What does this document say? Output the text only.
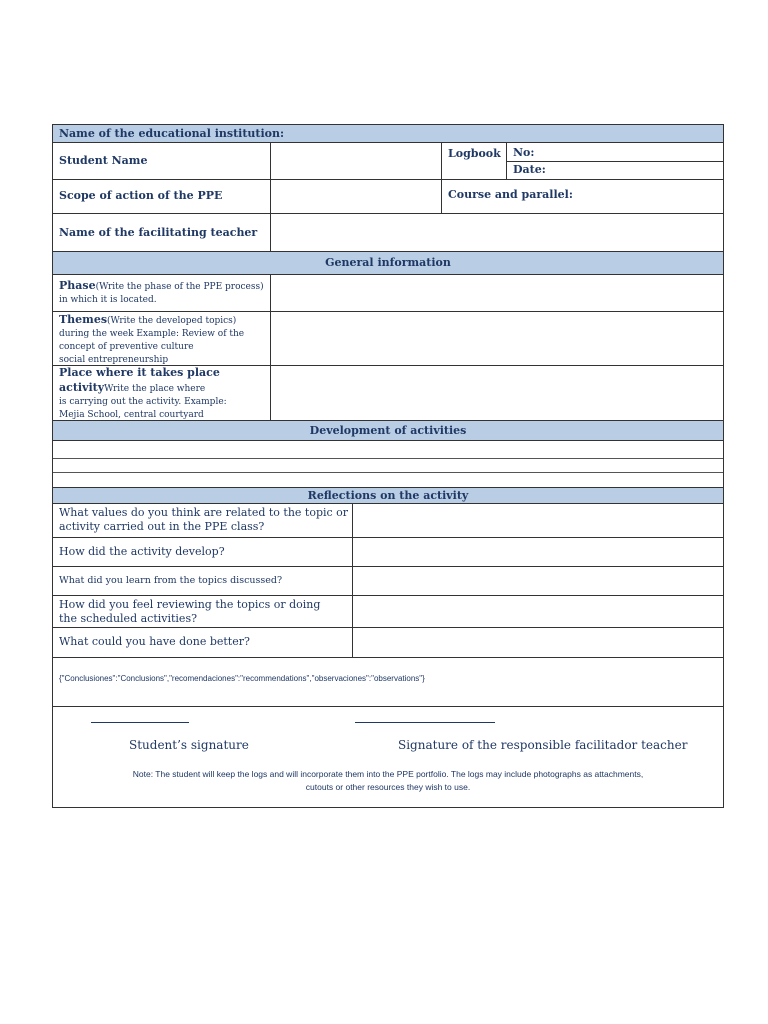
Name of the educational institution:
Student Name
Logbook No:
Date:
Scope of action of the PPE	Course and parallel:
Name of the facilitating teacher
General information
Phase(Write the phase of the PPE process)
in which it is located.
Themes(Write the developed topics)
during the week Example: Review of the
concept of preventive culture
social entrepreneurship
Place where it takes place
activityWrite the place where
is carrying out the activity. Example:
Mejia School, central courtyard
Development of activities
Reflections on the activity
What values do you think are related to the topic or
activity carried out in the PPE class?
How did the activity develop?
What did you learn from the topics discussed?
How did you feel reviewing the topics or doing
the scheduled activities?
What could you have done better?
{"Conclusiones":"Conclusions","recomendaciones":"recommendations","observaciones":"observations"}
Student’s signature	Signature of the responsible facilitador teacher
Note: The student will keep the logs and will incorporate them into the PPE portfolio. The logs may include photographs as attachments,
cutouts or other resources they wish to use.
